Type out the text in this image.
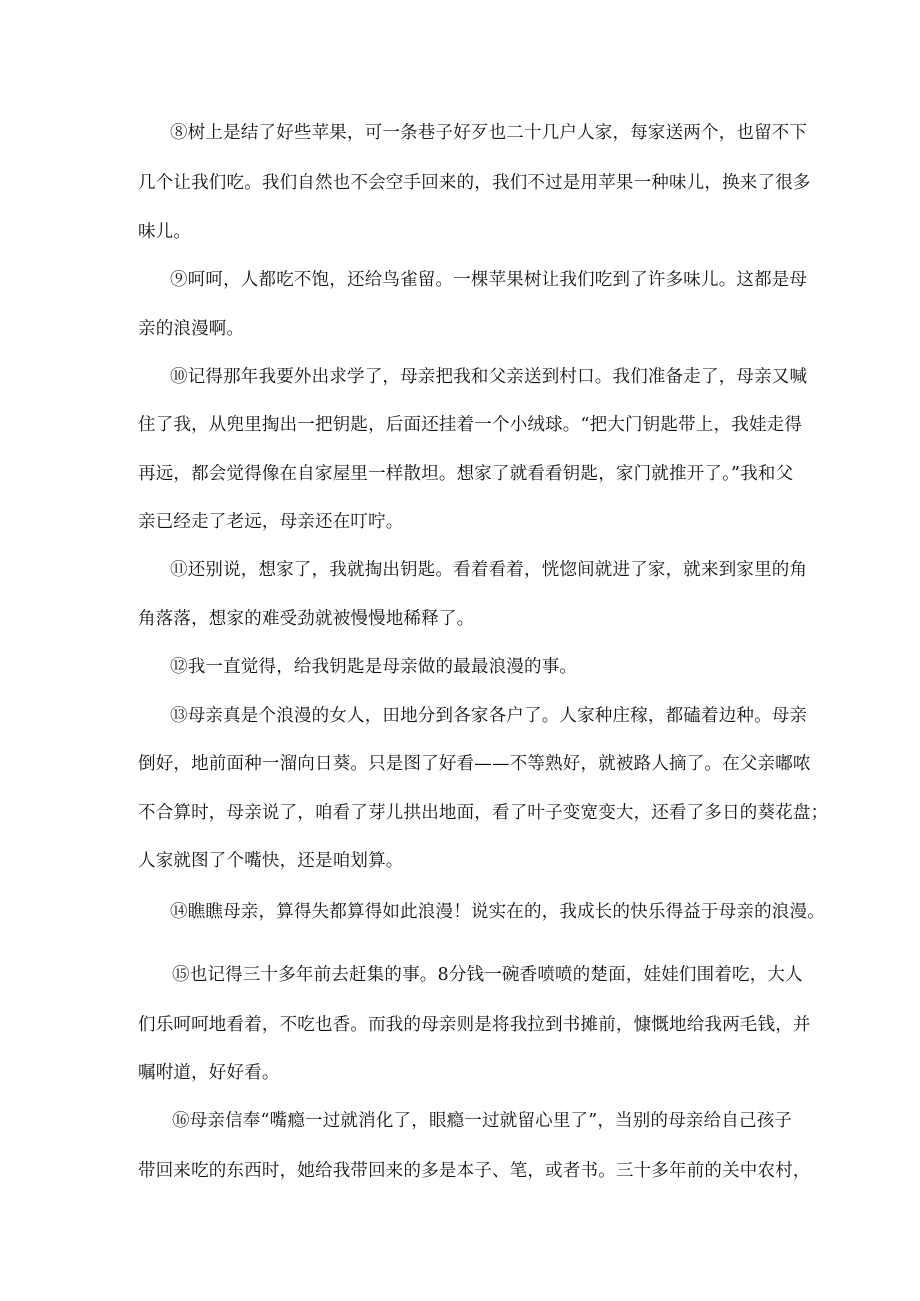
⑧树上是结了好些苹果，可一条巷子好歹也二十几户人家，每家送两个，也留不下
几个让我们吃。我们自然也不会空手回来的，我们不过是用苹果一种味儿，换来了很多
味儿。
⑨呵呵，人都吃不饱，还给鸟雀留。一棵苹果树让我们吃到了许多味儿。这都是母
亲的浪漫啊。
⑩记得那年我要外出求学了，母亲把我和父亲送到村口。我们准备走了，母亲又喊
住了我，从兜里掏出一把钥匙，后面还挂着一个小绒球。“把大门钥匙带上，我娃走得
再远，都会觉得像在自家屋里一样散坦。想家了就看看钥匙，家门就推开了。”我和父
亲已经走了老远，母亲还在叮咛。
⑪还别说，想家了，我就掏出钥匙。看着看着，恍惚间就进了家，就来到家里的角
角落落，想家的难受劲就被慢慢地稀释了。
⑫我一直觉得，给我钥匙是母亲做的最最浪漫的事。
⑬母亲真是个浪漫的女人，田地分到各家各户了。人家种庄稼，都磕着边种。母亲
倒好，地前面种一溜向日葵。只是图了好看——不等熟好，就被路人摘了。在父亲嘟哝
不合算时，母亲说了，咱看了芽儿拱出地面，看了叶子变宽变大，还看了多日的葵花盘；
人家就图了个嘴快，还是咱划算。
⑭瞧瞧母亲，算得失都算得如此浪漫！说实在的，我成长的快乐得益于母亲的浪漫。
⑮也记得三十多年前去赶集的事。8分钱一碗香喷喷的楚面，娃娃们围着吃，大人
们乐呵呵地看着，不吃也香。而我的母亲则是将我拉到书摊前，慷慨地给我两毛钱，并
嘱咐道，好好看。
⑯母亲信奉“嘴瘾一过就消化了，眼瘾一过就留心里了”，当别的母亲给自己孩子
带回来吃的东西时，她给我带回来的多是本子、笔，或者书。三十多年前的关中农村，
